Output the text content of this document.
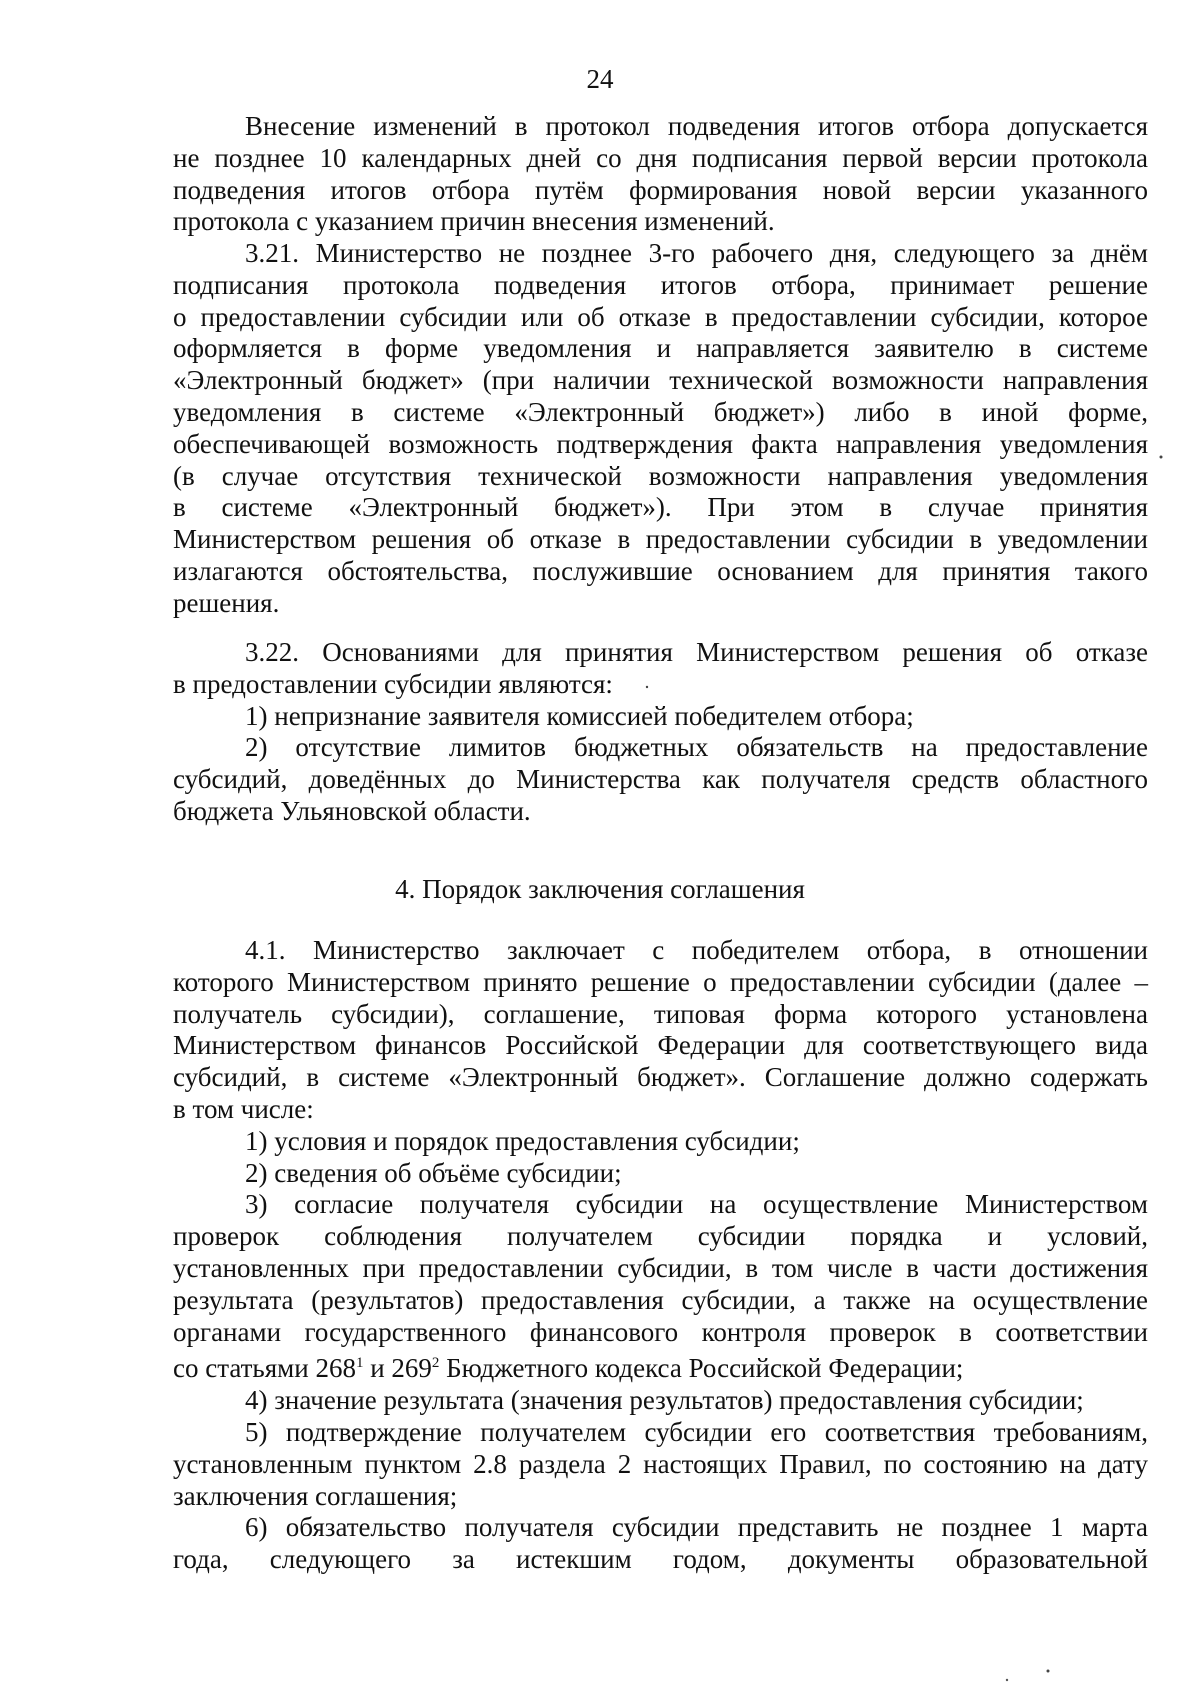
24
Внесение изменений в протокол подведения итогов отбора допускается
не позднее 10 календарных дней со дня подписания первой версии протокола
подведения итогов отбора путём формирования новой версии указанного
протокола с указанием причин внесения изменений.
3.21. Министерство не позднее 3-го рабочего дня, следующего за днём
подписания протокола подведения итогов отбора, принимает решение
о предоставлении субсидии или об отказе в предоставлении субсидии, которое
оформляется в форме уведомления и направляется заявителю в системе
«Электронный бюджет» (при наличии технической возможности направления
уведомления в системе «Электронный бюджет») либо в иной форме,
обеспечивающей возможность подтверждения факта направления уведомления
(в случае отсутствия технической возможности направления уведомления
в системе «Электронный бюджет»). При этом в случае принятия
Министерством решения об отказе в предоставлении субсидии в уведомлении
излагаются обстоятельства, послужившие основанием для принятия такого
решения.
3.22. Основаниями для принятия Министерством решения об отказе
в предоставлении субсидии являются:
1) непризнание заявителя комиссией победителем отбора;
2) отсутствие лимитов бюджетных обязательств на предоставление
субсидий, доведённых до Министерства как получателя средств областного
бюджета Ульяновской области.
4. Порядок заключения соглашения
4.1. Министерство заключает с победителем отбора, в отношении
которого Министерством принято решение о предоставлении субсидии (далее –
получатель субсидии), соглашение, типовая форма которого установлена
Министерством финансов Российской Федерации для соответствующего вида
субсидий, в системе «Электронный бюджет». Соглашение должно содержать
в том числе:
1) условия и порядок предоставления субсидии;
2) сведения об объёме субсидии;
3) согласие получателя субсидии на осуществление Министерством
проверок соблюдения получателем субсидии порядка и условий,
установленных при предоставлении субсидии, в том числе в части достижения
результата (результатов) предоставления субсидии, а также на осуществление
органами государственного финансового контроля проверок в соответствии
со статьями $268^1$ и $269^2$ Бюджетного кодекса Российской Федерации;
4) значение результата (значения результатов) предоставления субсидии;
5) подтверждение получателем субсидии его соответствия требованиям,
установленным пунктом 2.8 раздела 2 настоящих Правил, по состоянию на дату
заключения соглашения;
6) обязательство получателя субсидии представить не позднее 1 марта
года, следующего за истекшим годом, документы образовательной
